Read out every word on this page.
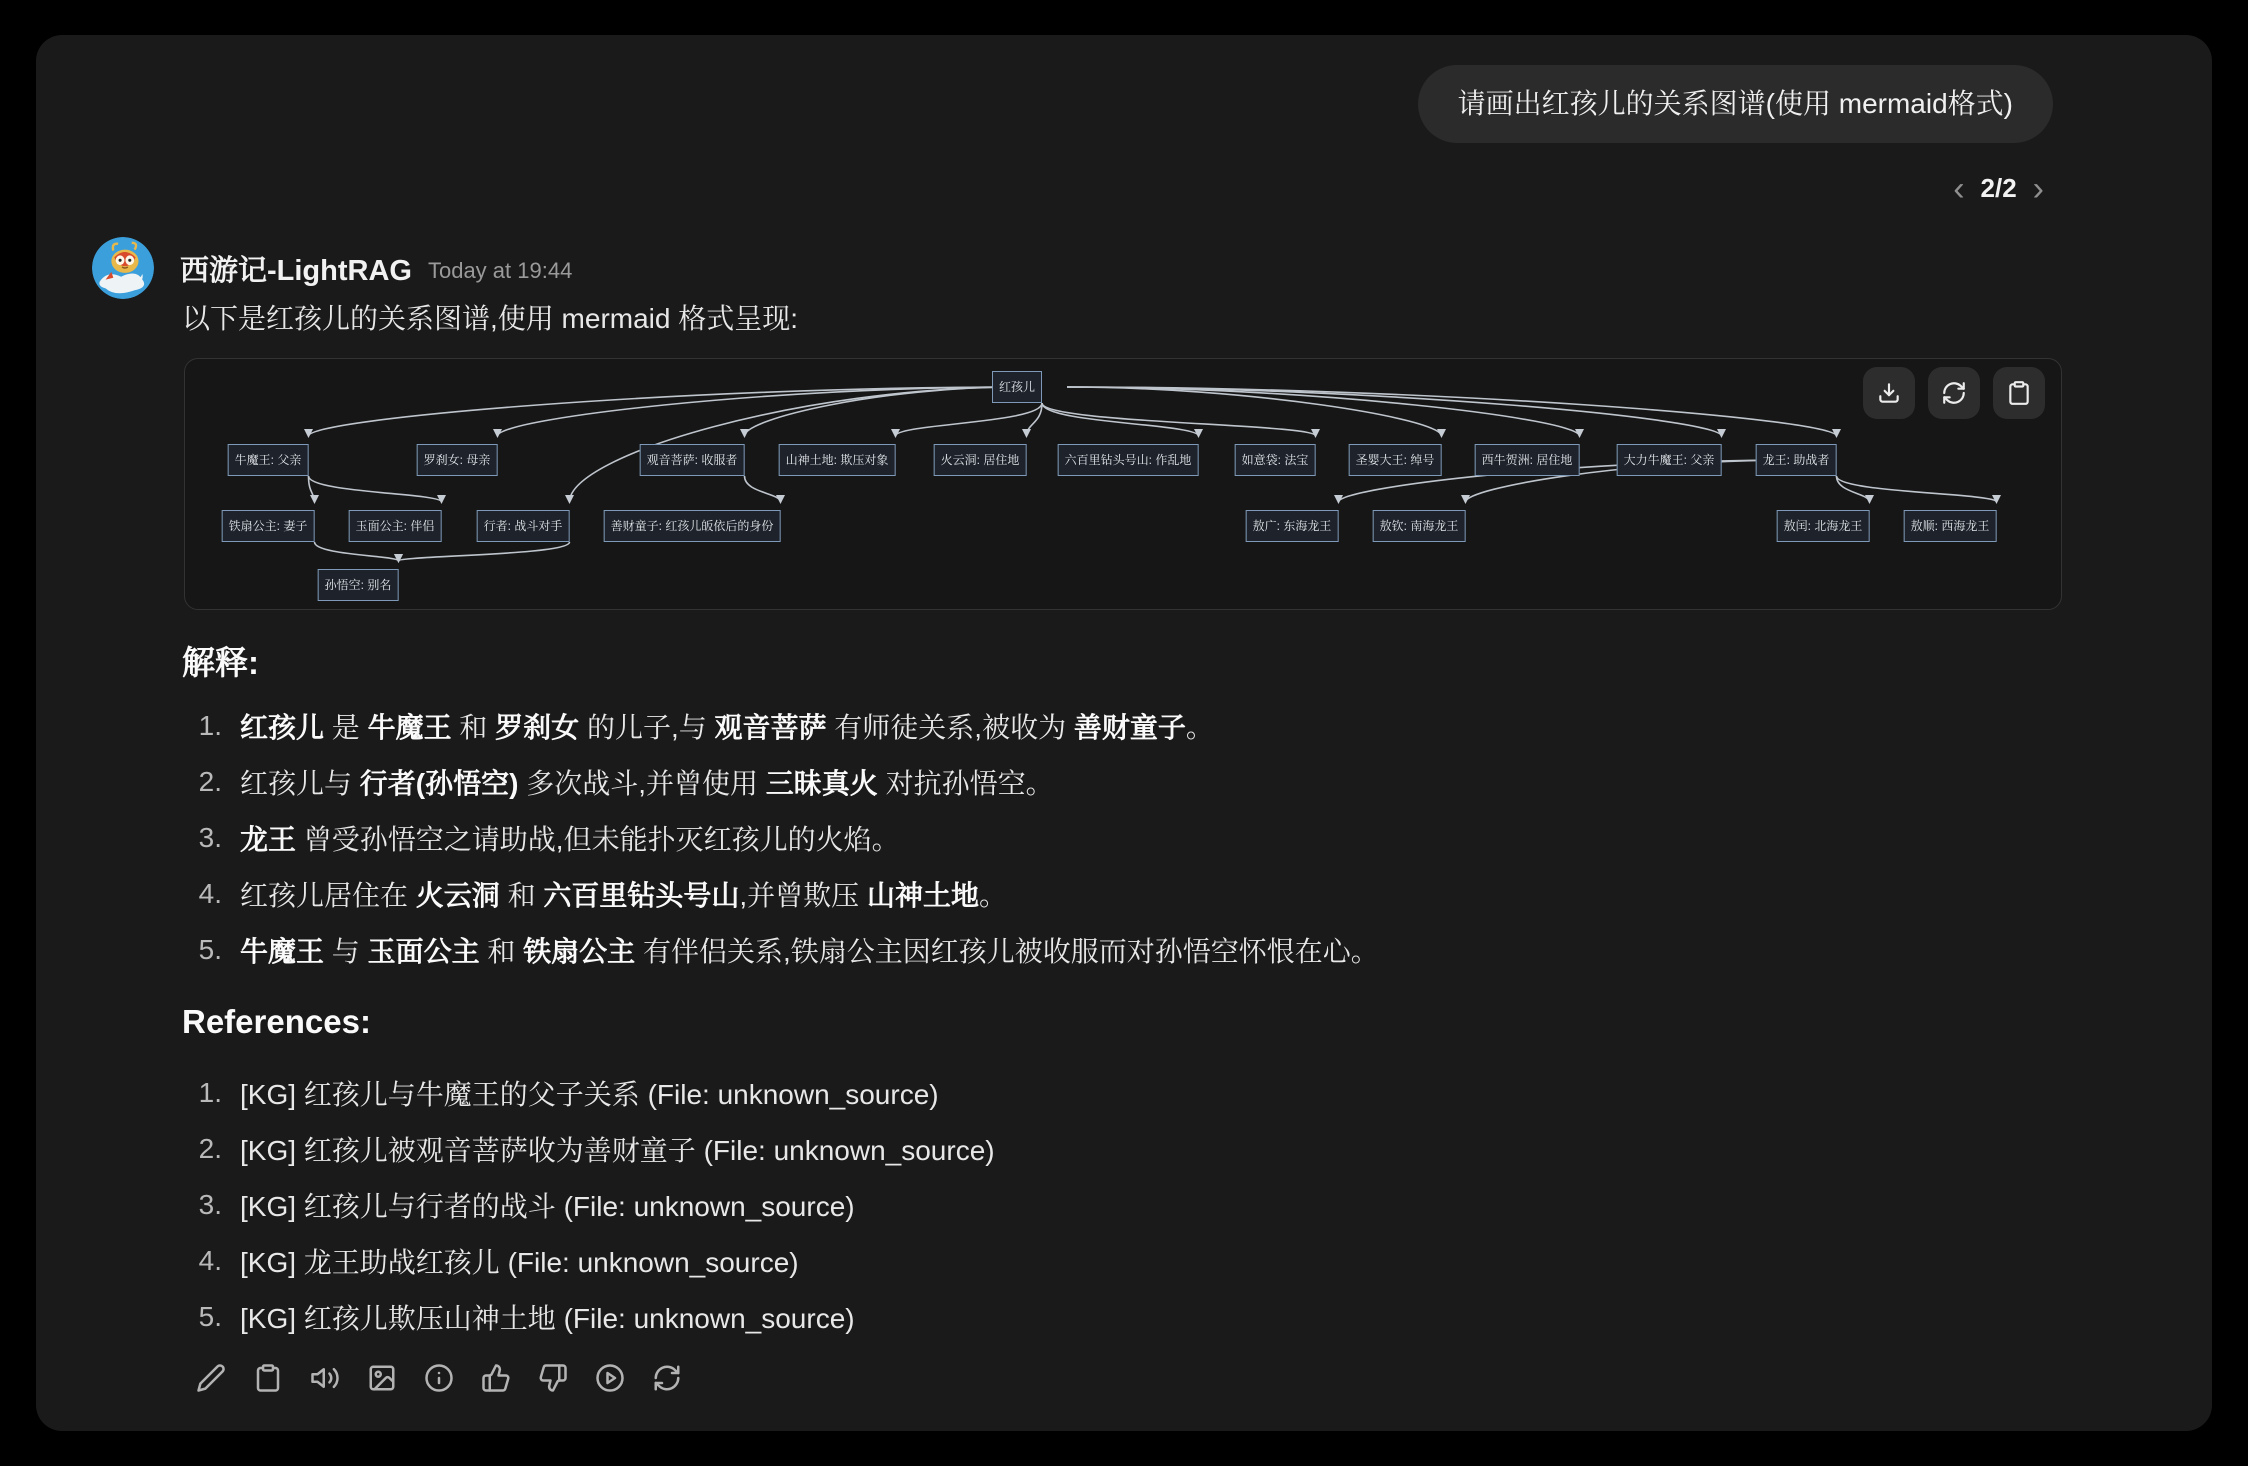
请画出红孩儿的关系图谱(使用 mermaid格式)
‹ 2/2 ›
西游记-LightRAG Today at 19:44
以下是红孩儿的关系图谱,使用 mermaid 格式呈现:
红孩儿
牛魔王: 父亲	罗刹女: 母亲	观音菩萨: 收服者	山神土地: 欺压对象	火云洞: 居住地	六百里钻头号山: 作乱地	如意袋: 法宝	圣婴大王: 绰号	西牛贺洲: 居住地	大力牛魔王: 父亲	龙王: 助战者
铁扇公主: 妻子	玉面公主: 伴侣	行者: 战斗对手	善财童子: 红孩儿皈依后的身份	敖广: 东海龙王	敖钦: 南海龙王	敖闰: 北海龙王	敖顺: 西海龙王
孙悟空: 别名
解释:
1. 红孩儿 是 牛魔王 和 罗刹女 的儿子,与 观音菩萨 有师徒关系,被收为 善财童子。
2. 红孩儿与 行者(孙悟空) 多次战斗,并曾使用 三昧真火 对抗孙悟空。
3. 龙王 曾受孙悟空之请助战,但未能扑灭红孩儿的火焰。
4. 红孩儿居住在 火云洞 和 六百里钻头号山,并曾欺压 山神土地。
5. 牛魔王 与 玉面公主 和 铁扇公主 有伴侣关系,铁扇公主因红孩儿被收服而对孙悟空怀恨在心。
References:
1. [KG] 红孩儿与牛魔王的父子关系 (File: unknown_source)
2. [KG] 红孩儿被观音菩萨收为善财童子 (File: unknown_source)
3. [KG] 红孩儿与行者的战斗 (File: unknown_source)
4. [KG] 龙王助战红孩儿 (File: unknown_source)
5. [KG] 红孩儿欺压山神土地 (File: unknown_source)
